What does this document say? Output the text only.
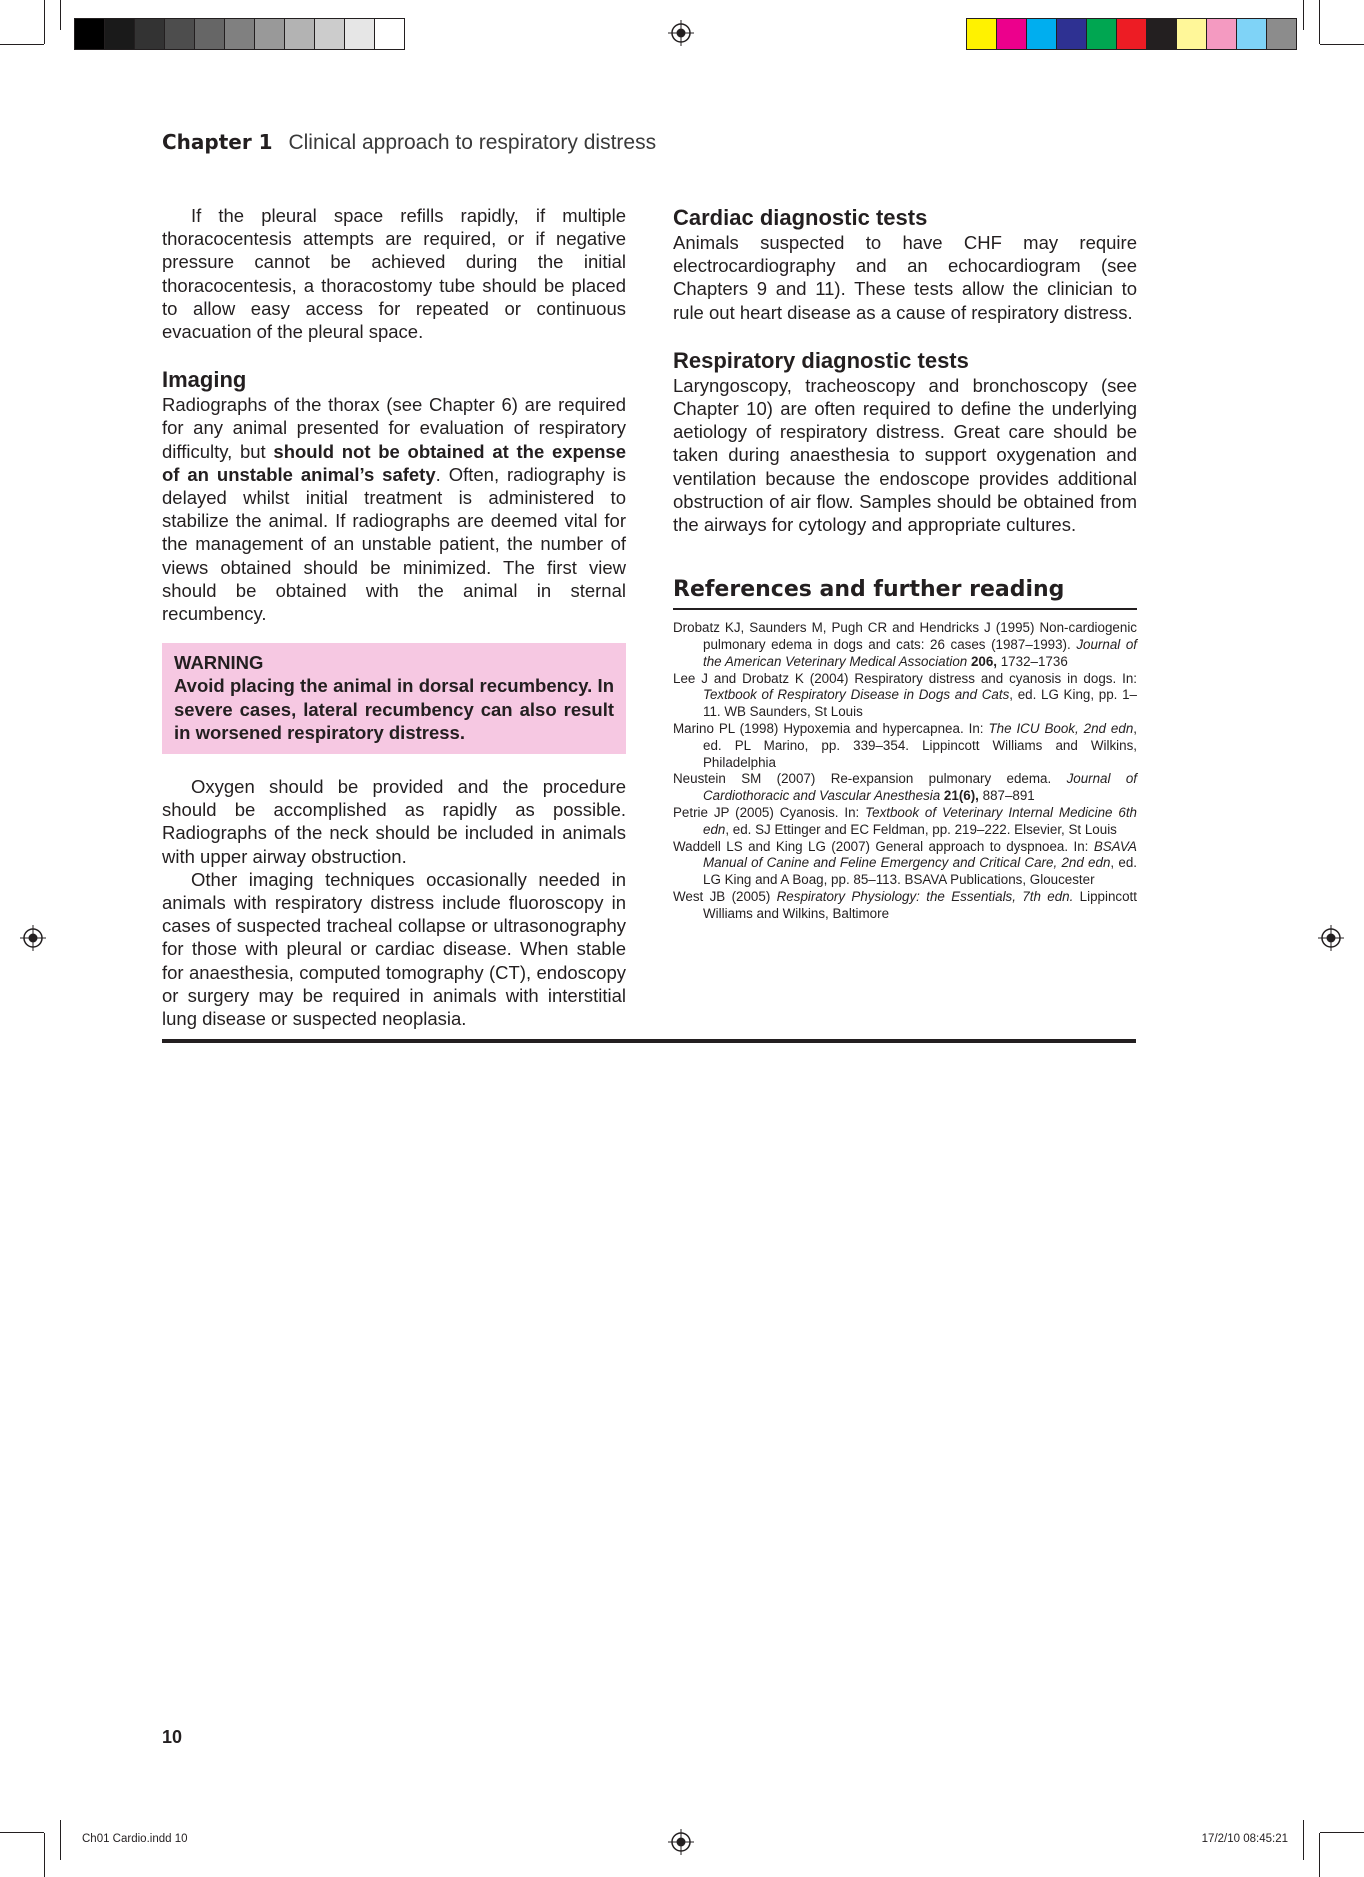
Chapter 1 Clinical approach to respiratory distress

If the pleural space refills rapidly, if multiple thoracocentesis attempts are required, or if negative pressure cannot be achieved during the initial thoracocentesis, a thoracostomy tube should be placed to allow easy access for repeated or continuous evacuation of the pleural space.

Imaging

Radiographs of the thorax (see Chapter 6) are required for any animal presented for evaluation of respiratory difficulty, but should not be obtained at the expense of an unstable animal’s safety. Often, radiography is delayed whilst initial treatment is administered to stabilize the animal. If radiographs are deemed vital for the management of an unstable patient, the number of views obtained should be minimized. The first view should be obtained with the animal in sternal recumbency.

WARNING
Avoid placing the animal in dorsal recumbency. In severe cases, lateral recumbency can also result in worsened respiratory distress.

Oxygen should be provided and the procedure should be accomplished as rapidly as possible. Radiographs of the neck should be included in animals with upper airway obstruction.

Other imaging techniques occasionally needed in animals with respiratory distress include fluoroscopy in cases of suspected tracheal collapse or ultrasonography for those with pleural or cardiac disease. When stable for anaesthesia, computed tomography (CT), endoscopy or surgery may be required in animals with interstitial lung disease or suspected neoplasia.

Cardiac diagnostic tests

Animals suspected to have CHF may require electrocardiography and an echocardiogram (see Chapters 9 and 11). These tests allow the clinician to rule out heart disease as a cause of respiratory distress.

Respiratory diagnostic tests

Laryngoscopy, tracheoscopy and bronchoscopy (see Chapter 10) are often required to define the underlying aetiology of respiratory distress. Great care should be taken during anaesthesia to support oxygenation and ventilation because the endoscope provides additional obstruction of air flow. Samples should be obtained from the airways for cytology and appropriate cultures.

References and further reading

Drobatz KJ, Saunders M, Pugh CR and Hendricks J (1995) Non-cardiogenic pulmonary edema in dogs and cats: 26 cases (1987–1993). Journal of the American Veterinary Medical Association 206, 1732–1736

Lee J and Drobatz K (2004) Respiratory distress and cyanosis in dogs. In: Textbook of Respiratory Disease in Dogs and Cats, ed. LG King, pp. 1–11. WB Saunders, St Louis

Marino PL (1998) Hypoxemia and hypercapnea. In: The ICU Book, 2nd edn, ed. PL Marino, pp. 339–354. Lippincott Williams and Wilkins, Philadelphia

Neustein SM (2007) Re-expansion pulmonary edema. Journal of Cardiothoracic and Vascular Anesthesia 21(6), 887–891

Petrie JP (2005) Cyanosis. In: Textbook of Veterinary Internal Medicine 6th edn, ed. SJ Ettinger and EC Feldman, pp. 219–222. Elsevier, St Louis

Waddell LS and King LG (2007) General approach to dyspnoea. In: BSAVA Manual of Canine and Feline Emergency and Critical Care, 2nd edn, ed. LG King and A Boag, pp. 85–113. BSAVA Publications, Gloucester

West JB (2005) Respiratory Physiology: the Essentials, 7th edn. Lippincott Williams and Wilkins, Baltimore

10
Ch01 Cardio.indd 10	17/2/10 08:45:21
